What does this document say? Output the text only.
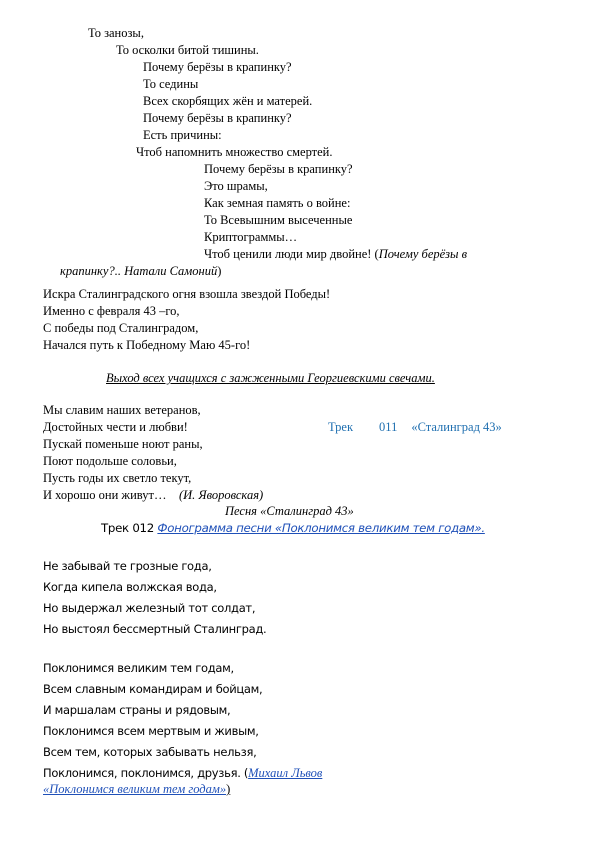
То занозы,
То осколки битой тишины.
Почему берёзы в крапинку?
То седины
Всех скорбящих жён и матерей.
Почему берёзы в крапинку?
Есть причины:
Чтоб напомнить множество смертей.
Почему берёзы в крапинку?
Это шрамы,
Как земная память о войне:
То Всевышним высеченные
Криптограммы…
Чтоб ценили люди мир двойне! (Почему берёзы в
крапинку?.. Натали Самоний)
Искра Сталинградского огня взошла звездой Победы!
Именно с февраля 43 –го,
С победы под Сталинградом,
Начался путь к Победному Маю 45-го!
Выход всех учащихся с зажженными Георгиевскими свечами.
Мы славим наших ветеранов,
Достойных чести и любви!
Пускай поменьше ноют раны,
Поют подольше соловьи,
Пусть годы их светло текут,
И хорошо они живут… (И. Яворовская)
Трек 011 «Сталинград 43»
Песня «Сталинград 43»
Трек 012 Фонограмма песни «Поклонимся великим тем годам».
Не забывай те грозные года,
Когда кипела волжская вода,
Но выдержал железный тот солдат,
Но выстоял бессмертный Сталинград.
Поклонимся великим тем годам,
Всем славным командирам и бойцам,
И маршалам страны и рядовым,
Поклонимся всем мертвым и живым,
Всем тем, которых забывать нельзя,
Поклонимся, поклонимся, друзья. (Михаил Львов
«Поклонимся великим тем годам»)
